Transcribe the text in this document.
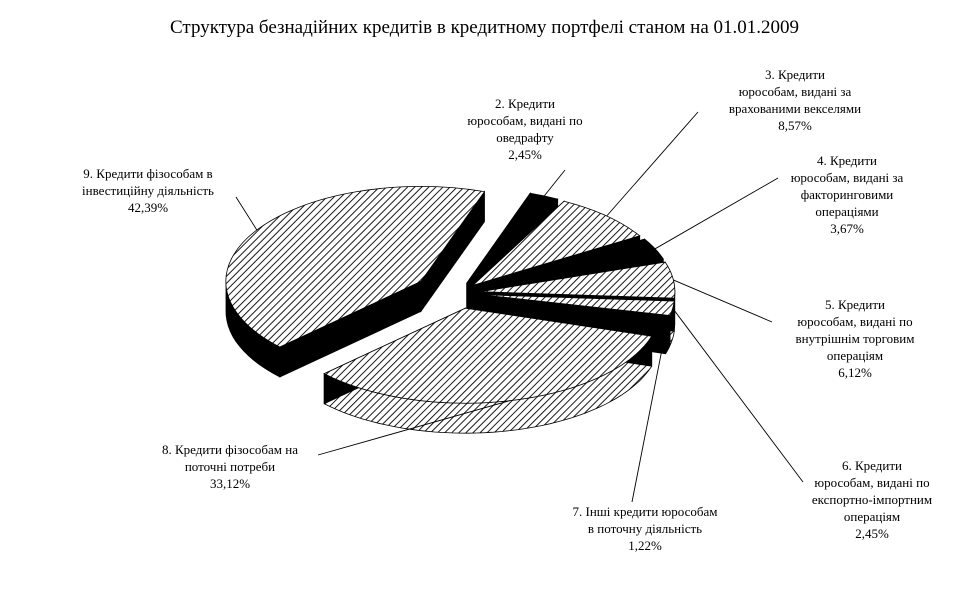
Структура безнадійних кредитів в кредитному портфелі станом на 01.01.2009
2. Кредити
юрособам, видані по
оведрафту
2,45%
3. Кредити
юрособам, видані за
врахованими векселями
8,57%
4. Кредити
юрособам, видані за
факторинговими
операціями
3,67%
5. Кредити
юрособам, видані по
внутрішнім торговим
операціям
6,12%
6. Кредити
юрособам, видані по
експортно-імпортним
операціям
2,45%
7. Інші кредити юрособам
в поточну діяльність
1,22%
8. Кредити фізособам на
поточні потреби
33,12%
9. Кредити фізособам в
інвестиційну діяльність
42,39%
